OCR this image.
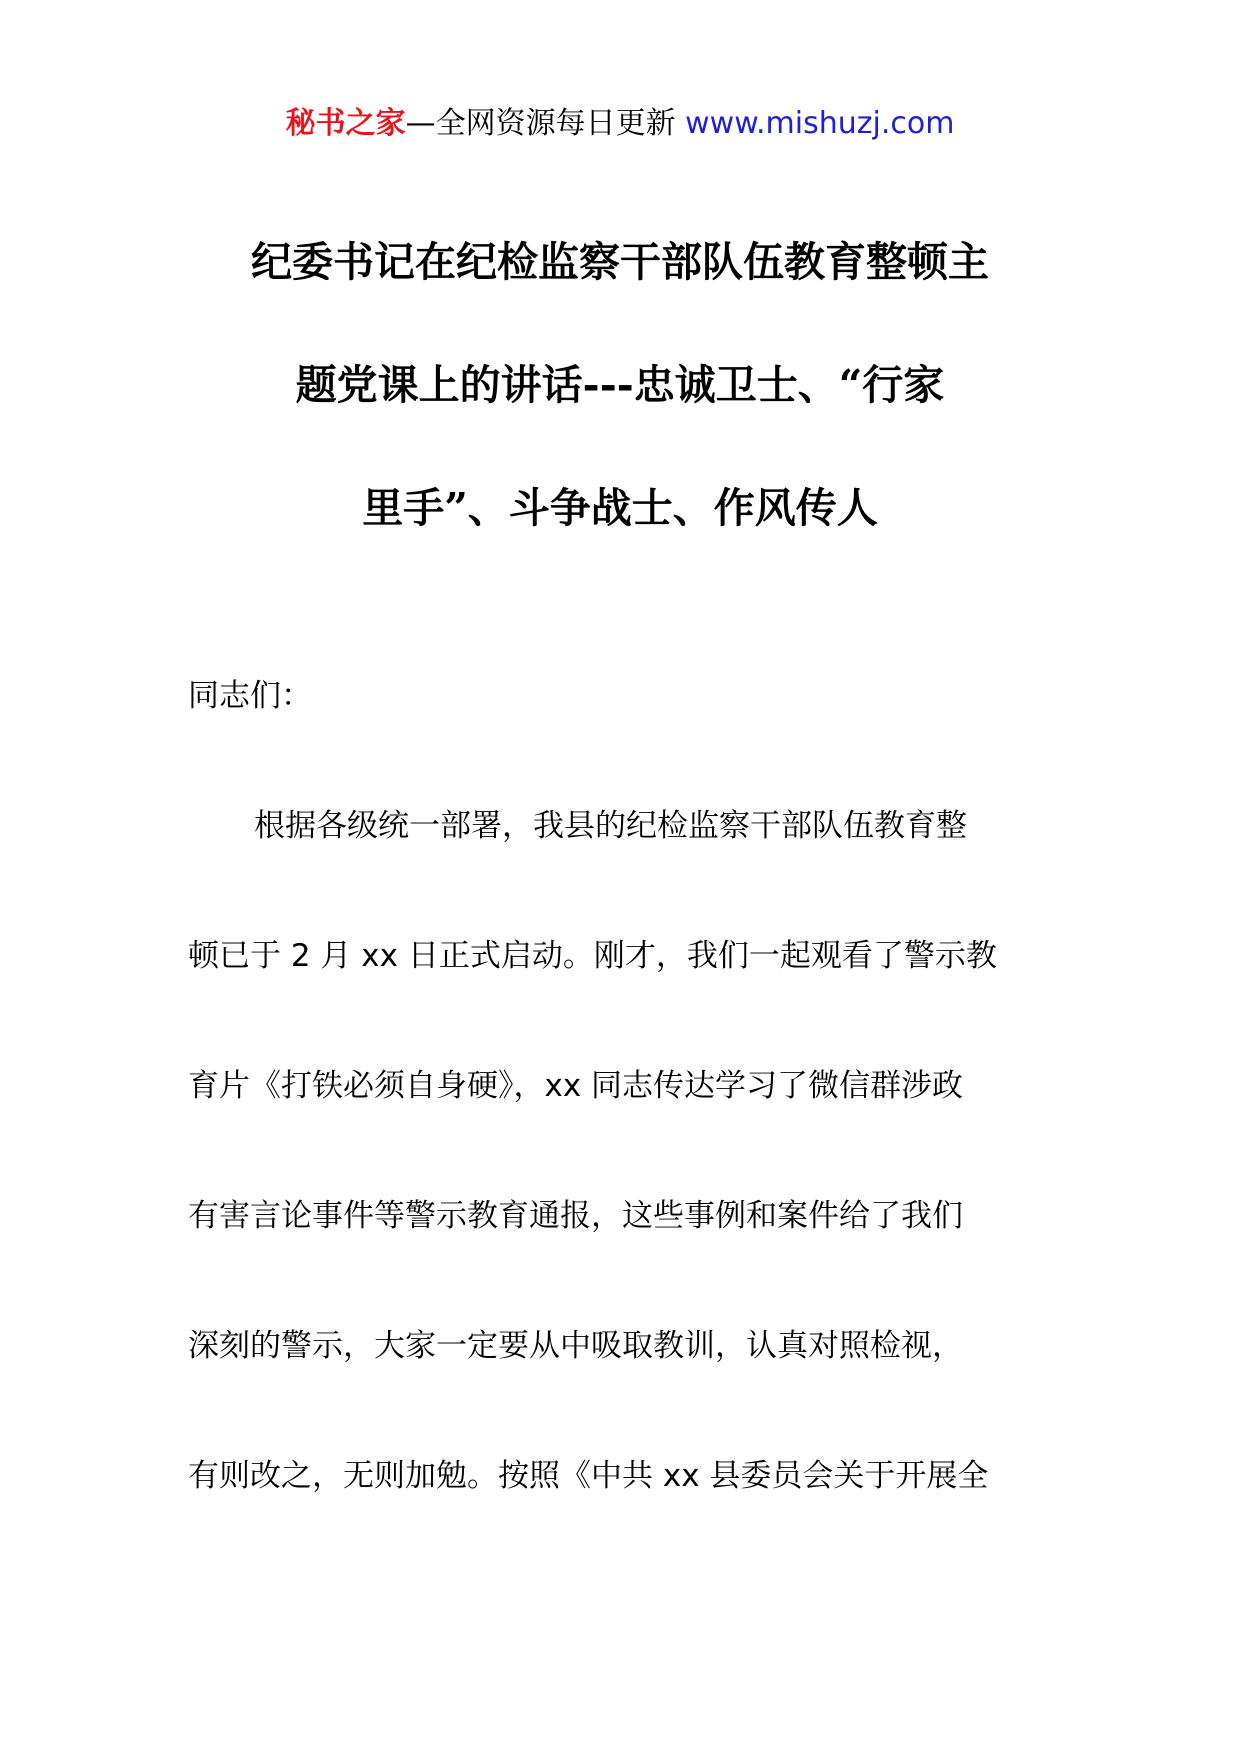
秘书之家—全网资源每日更新 www.mishuzj.com
纪委书记在纪检监察干部队伍教育整顿主
题党课上的讲话---忠诚卫士、“行家
里手”、斗争战士、作风传人
同志们：
根据各级统一部署，我县的纪检监察干部队伍教育整
顿已于 2 月 xx 日正式启动。刚才，我们一起观看了警示教
育片《打铁必须自身硬》，xx 同志传达学习了微信群涉政
有害言论事件等警示教育通报，这些事例和案件给了我们
深刻的警示，大家一定要从中吸取教训，认真对照检视，
有则改之，无则加勉。按照《中共 xx 县委员会关于开展全
